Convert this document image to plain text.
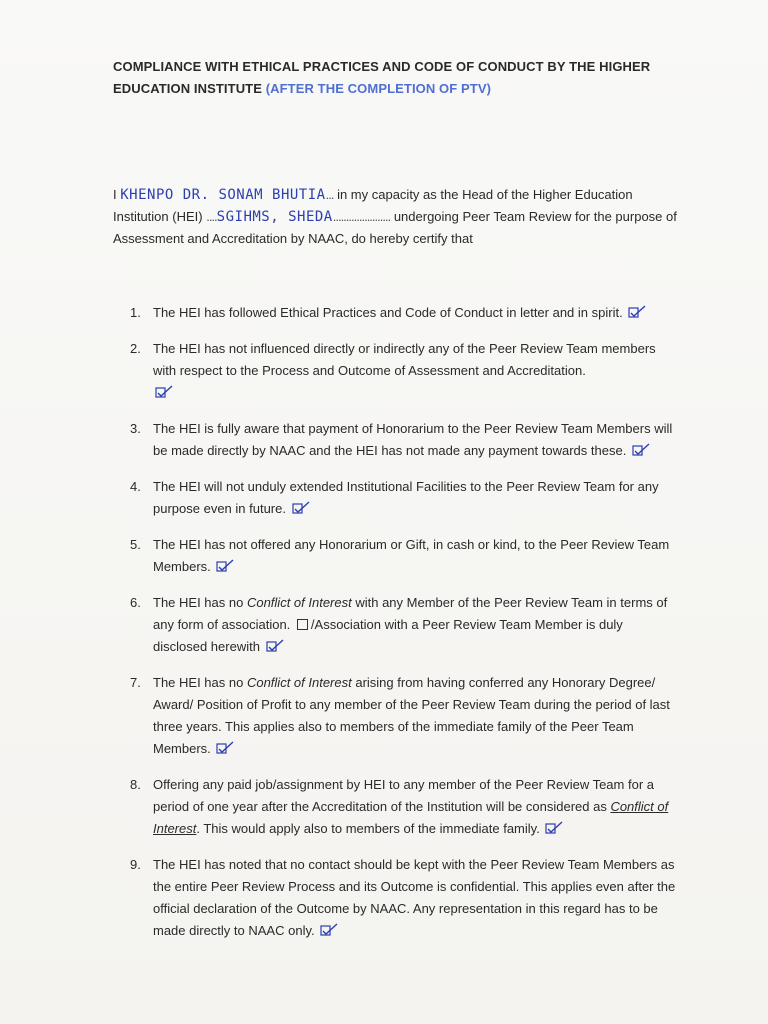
COMPLIANCE WITH ETHICAL PRACTICES AND CODE OF CONDUCT BY THE HIGHER
EDUCATION INSTITUTE (AFTER THE COMPLETION OF PTV)

I KHENPO DR. SONAM BHUTIA... in my capacity as the Head of the Higher Education Institution (HEI) ....SGIHMS, SHEDA...................... undergoing Peer Team Review for the purpose of Assessment and Accreditation by NAAC, do hereby certify that

1. The HEI has followed Ethical Practices and Code of Conduct in letter and in spirit.
2. The HEI has not influenced directly or indirectly any of the Peer Review Team members with respect to the Process and Outcome of Assessment and Accreditation.

3. The HEI is fully aware that payment of Honorarium to the Peer Review Team Members will be made directly by NAAC and the HEI has not made any payment towards these.
4. The HEI will not unduly extended Institutional Facilities to the Peer Review Team for any purpose even in future.
5. The HEI has not offered any Honorarium or Gift, in cash or kind, to the Peer Review Team Members.
6. The HEI has no Conflict of Interest with any Member of the Peer Review Team in terms of any form of association. /Association with a Peer Review Team Member is duly disclosed herewith
7. The HEI has no Conflict of Interest arising from having conferred any Honorary Degree/ Award/ Position of Profit to any member of the Peer Review Team during the period of last three years. This applies also to members of the immediate family of the Peer Team Members.
8. Offering any paid job/assignment by HEI to any member of the Peer Review Team for a period of one year after the Accreditation of the Institution will be considered as Conflict of Interest. This would apply also to members of the immediate family.
9. The HEI has noted that no contact should be kept with the Peer Review Team Members as the entire Peer Review Process and its Outcome is confidential. This applies even after the official declaration of the Outcome by NAAC. Any representation in this regard has to be made directly to NAAC only.
